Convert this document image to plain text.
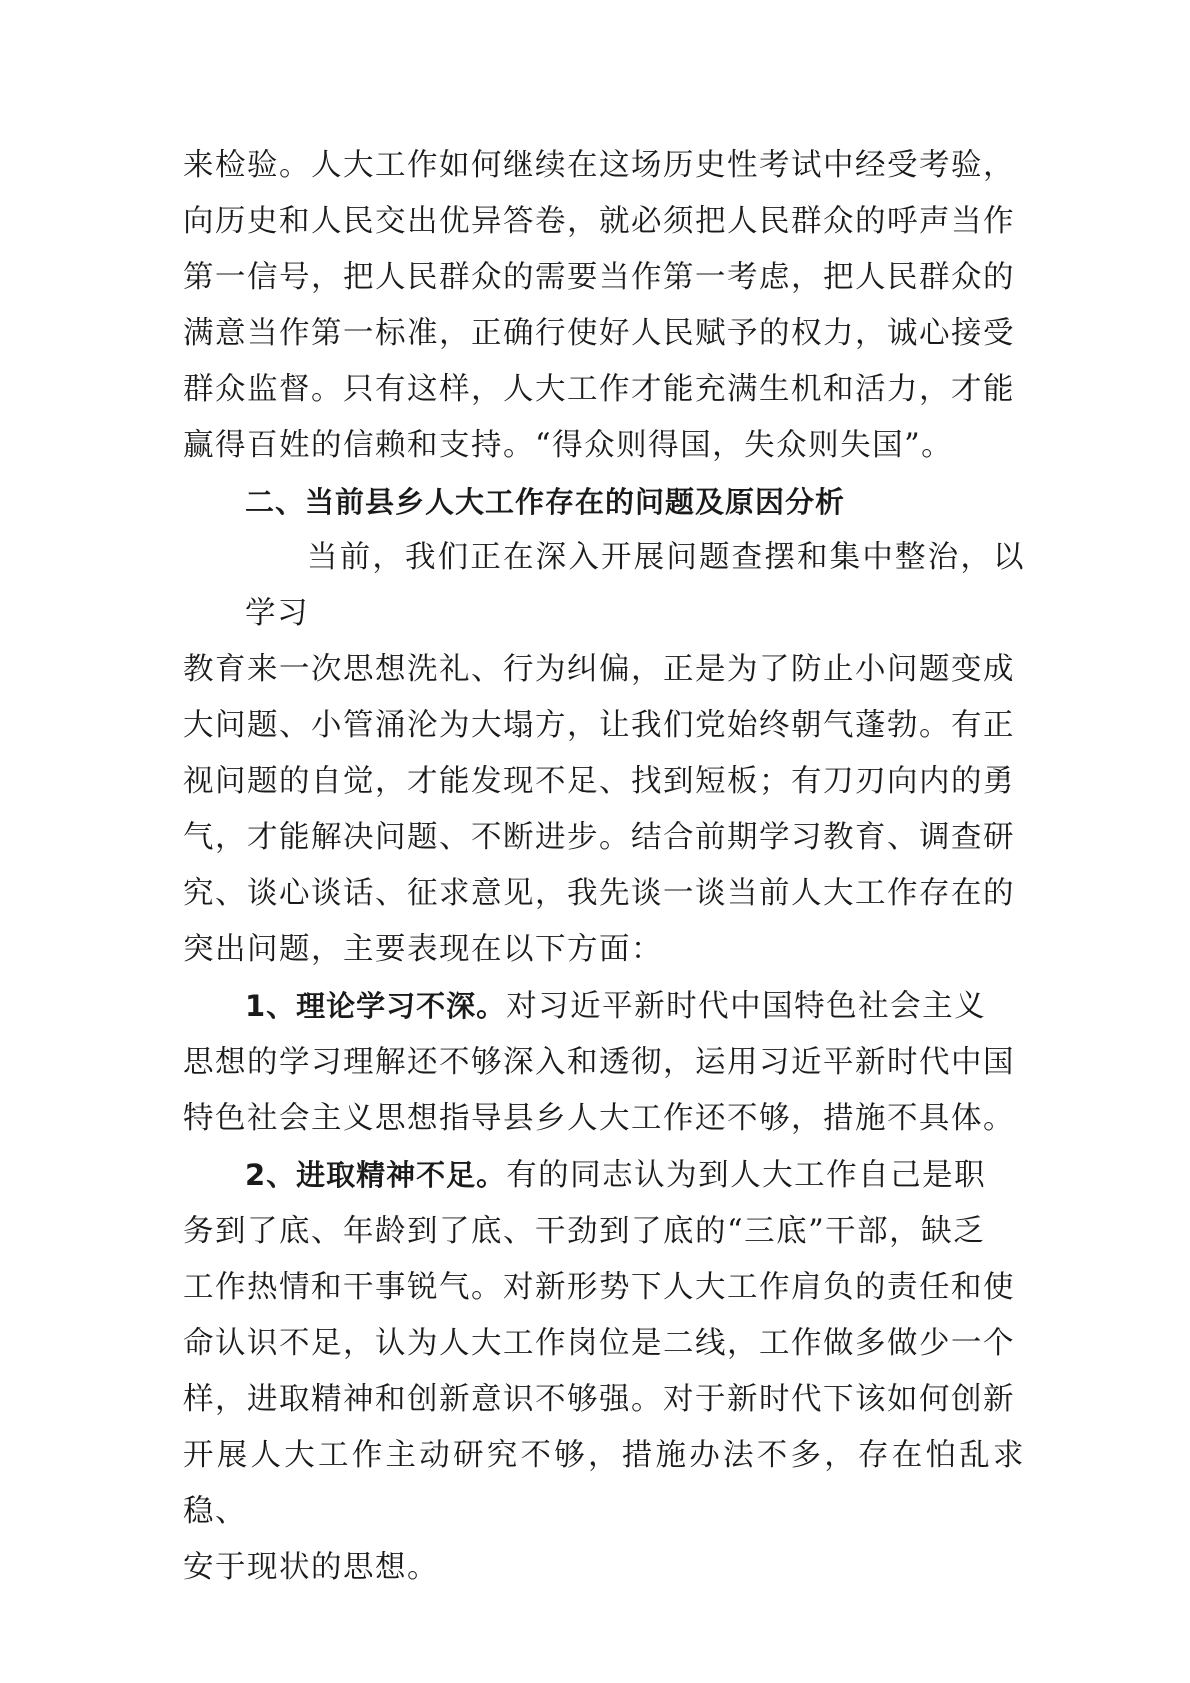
来检验。人大工作如何继续在这场历史性考试中经受考验，
向历史和人民交出优异答卷，就必须把人民群众的呼声当作
第一信号，把人民群众的需要当作第一考虑，把人民群众的
满意当作第一标准，正确行使好人民赋予的权力，诚心接受
群众监督。只有这样，人大工作才能充满生机和活力，才能
赢得百姓的信赖和支持。“得众则得国，失众则失国”。

二、当前县乡人大工作存在的问题及原因分析

当前，我们正在深入开展问题查摆和集中整治，以学习
教育来一次思想洗礼、行为纠偏，正是为了防止小问题变成
大问题、小管涌沦为大塌方，让我们党始终朝气蓬勃。有正
视问题的自觉，才能发现不足、找到短板；有刀刃向内的勇
气，才能解决问题、不断进步。结合前期学习教育、调查研
究、谈心谈话、征求意见，我先谈一谈当前人大工作存在的
突出问题，主要表现在以下方面：

1、理论学习不深。对习近平新时代中国特色社会主义
思想的学习理解还不够深入和透彻，运用习近平新时代中国
特色社会主义思想指导县乡人大工作还不够，措施不具体。

2、进取精神不足。有的同志认为到人大工作自己是职
务到了底、年龄到了底、干劲到了底的“三底”干部，缺乏
工作热情和干事锐气。对新形势下人大工作肩负的责任和使
命认识不足，认为人大工作岗位是二线，工作做多做少一个
样，进取精神和创新意识不够强。对于新时代下该如何创新
开展人大工作主动研究不够，措施办法不多，存在怕乱求稳、
安于现状的思想。
